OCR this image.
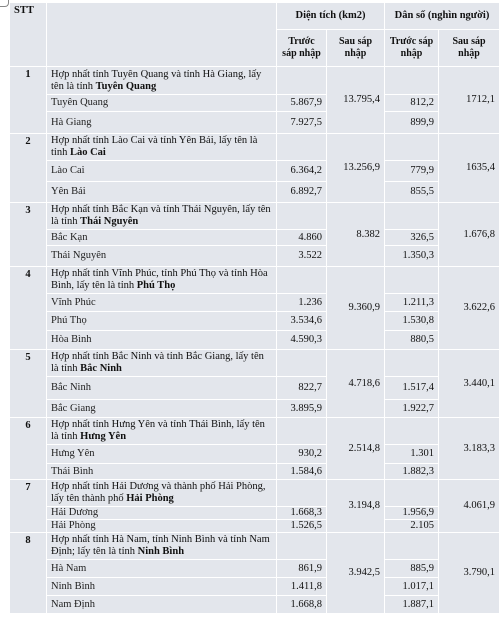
STT		Diện tích (km2)		Dân số (nghìn người)	
		Trước sáp nhập	Sau sáp nhập	Trước sáp nhập	Sau sáp nhập
1	Hợp nhất tỉnh Tuyên Quang và tỉnh Hà Giang, lấy tên là tỉnh Tuyên Quang		13.795,4		1712,1
	Tuyên Quang	5.867,9		812,2	
	Hà Giang	7.927,5		899,9	
2	Hợp nhất tỉnh Lào Cai và tỉnh Yên Bái, lấy tên là tỉnh Lào Cai		13.256,9		1635,4
	Lào Cai	6.364,2		779,9	
	Yên Bái	6.892,7		855,5	
3	Hợp nhất tỉnh Bắc Kạn và tỉnh Thái Nguyên, lấy tên là tỉnh Thái Nguyên		8.382		1.676,8
	Bắc Kạn	4.860		326,5	
	Thái Nguyên	3.522		1.350,3	
4	Hợp nhất tỉnh Vĩnh Phúc, tỉnh Phú Thọ và tỉnh Hòa Bình, lấy tên là tỉnh Phú Thọ		9.360,9		3.622,6
	Vĩnh Phúc	1.236		1.211,3	
	Phú Thọ	3.534,6		1.530,8	
	Hòa Bình	4.590,3		880,5	
5	Hợp nhất tỉnh Bắc Ninh và tỉnh Bắc Giang, lấy tên là tỉnh Bắc Ninh		4.718,6		3.440,1
	Bắc Ninh	822,7		1.517,4	
	Bắc Giang	3.895,9		1.922,7	
6	Hợp nhất tỉnh Hưng Yên và tỉnh Thái Bình, lấy tên là tỉnh Hưng Yên		2.514,8		3.183,3
	Hưng Yên	930,2		1.301	
	Thái Bình	1.584,6		1.882,3	
7	Hợp nhất tỉnh Hải Dương và thành phố Hải Phòng, lấy tên thành phố Hải Phòng		3.194,8		4.061,9
	Hải Dương	1.668,3		1.956,9	
	Hải Phòng	1.526,5		2.105	
8	Hợp nhất tỉnh Hà Nam, tỉnh Ninh Bình và tỉnh Nam Định; lấy tên là tỉnh Ninh Bình		3.942,5		3.790,1
	Hà Nam	861,9		885,9	
	Ninh Bình	1.411,8		1.017,1	
	Nam Định	1.668,8		1.887,1	
